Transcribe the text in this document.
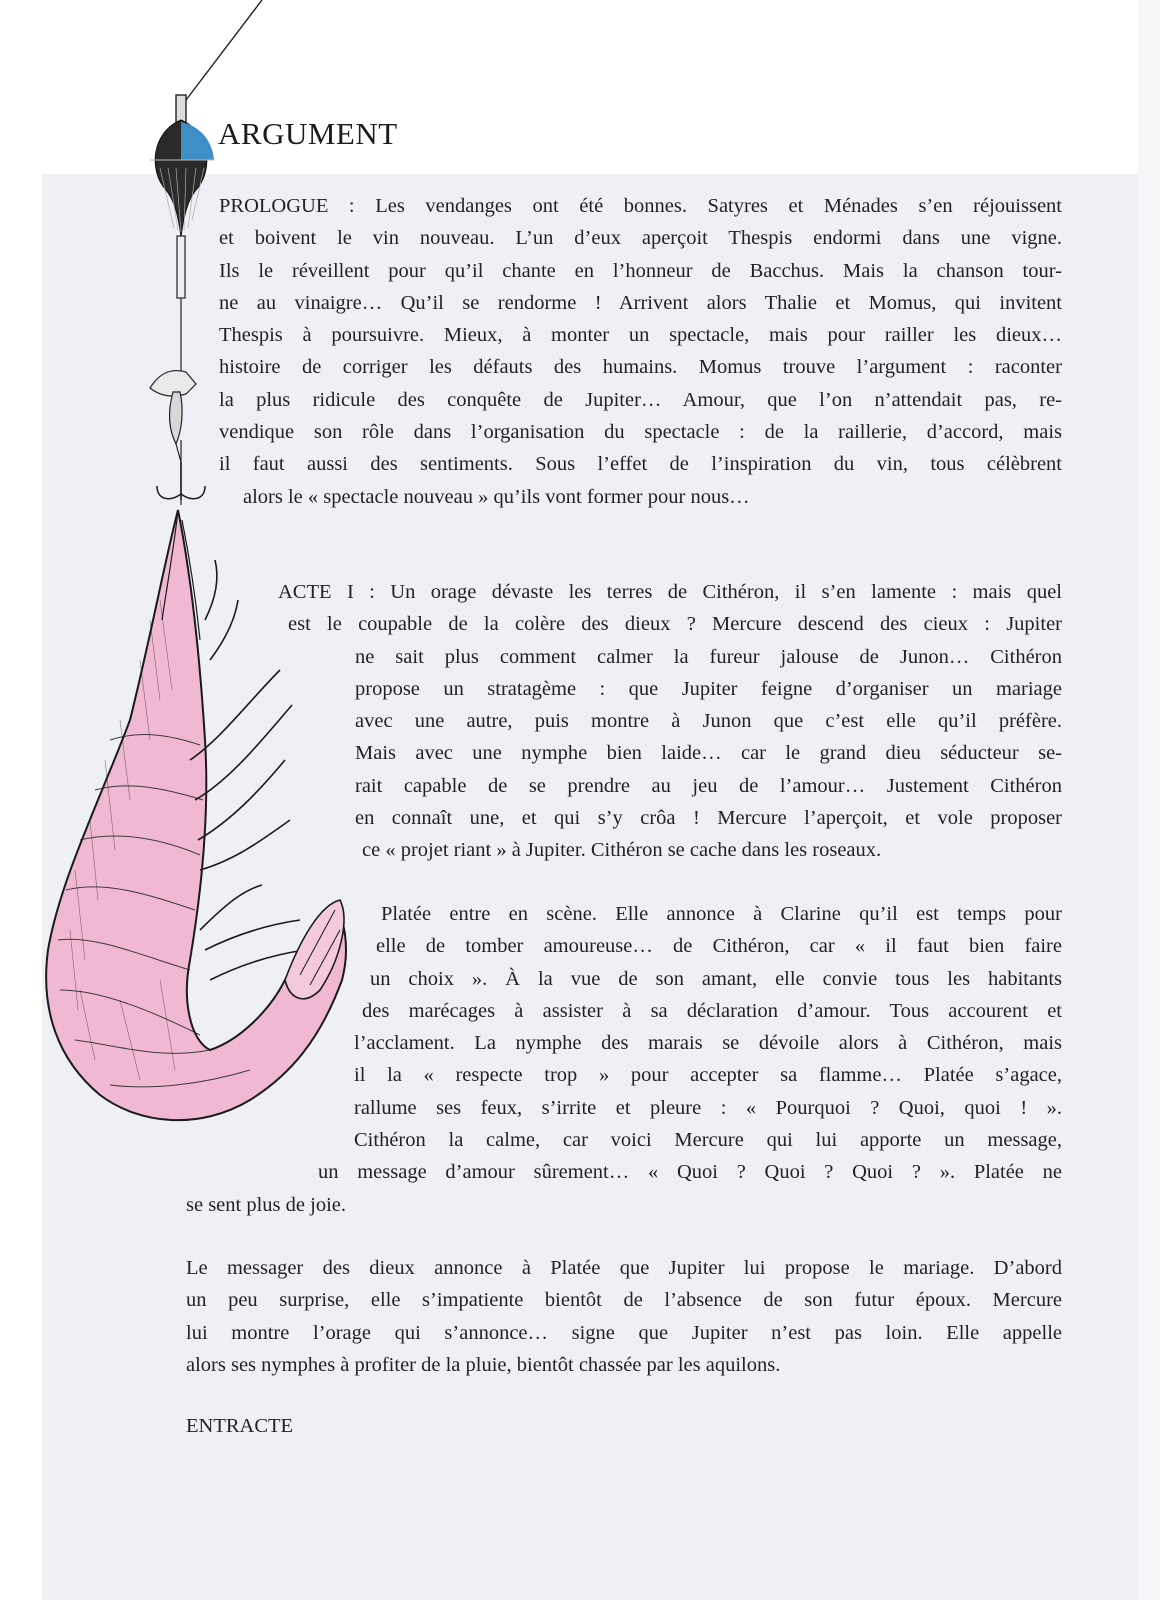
ARGUMENT
PROLOGUE : Les vendanges ont été bonnes. Satyres et Ménades s’en réjouissent
et boivent le vin nouveau. L’un d’eux aperçoit Thespis endormi dans une vigne.
Ils le réveillent pour qu’il chante en l’honneur de Bacchus. Mais la chanson tour-
ne au vinaigre… Qu’il se rendorme ! Arrivent alors Thalie et Momus, qui invitent
Thespis à poursuivre. Mieux, à monter un spectacle, mais pour railler les dieux…
histoire de corriger les défauts des humains. Momus trouve l’argument : raconter
la plus ridicule des conquête de Jupiter… Amour, que l’on n’attendait pas, re-
vendique son rôle dans l’organisation du spectacle : de la raillerie, d’accord, mais
il faut aussi des sentiments. Sous l’effet de l’inspiration du vin, tous célèbrent
alors le « spectacle nouveau » qu’ils vont former pour nous…
ACTE I : Un orage dévaste les terres de Cithéron, il s’en lamente : mais quel
est le coupable de la colère des dieux ? Mercure descend des cieux : Jupiter
ne sait plus comment calmer la fureur jalouse de Junon… Cithéron
propose un stratagème : que Jupiter feigne d’organiser un mariage
avec une autre, puis montre à Junon que c’est elle qu’il préfère.
Mais avec une nymphe bien laide… car le grand dieu séducteur se-
rait capable de se prendre au jeu de l’amour… Justement Cithéron
en connaît une, et qui s’y crôa ! Mercure l’aperçoit, et vole proposer
ce « projet riant » à Jupiter. Cithéron se cache dans les roseaux.
Platée entre en scène. Elle annonce à Clarine qu’il est temps pour
elle de tomber amoureuse… de Cithéron, car « il faut bien faire
un choix ». À la vue de son amant, elle convie tous les habitants
des marécages à assister à sa déclaration d’amour. Tous accourent et
l’acclament. La nymphe des marais se dévoile alors à Cithéron, mais
il la « respecte trop » pour accepter sa flamme… Platée s’agace,
rallume ses feux, s’irrite et pleure : « Pourquoi ? Quoi, quoi ! ».
Cithéron la calme, car voici Mercure qui lui apporte un message,
un message d’amour sûrement… « Quoi ? Quoi ? Quoi ? ». Platée ne
se sent plus de joie.
Le messager des dieux annonce à Platée que Jupiter lui propose le mariage. D’abord
un peu surprise, elle s’impatiente bientôt de l’absence de son futur époux. Mercure
lui montre l’orage qui s’annonce… signe que Jupiter n’est pas loin. Elle appelle
alors ses nymphes à profiter de la pluie, bientôt chassée par les aquilons.
ENTRACTE
